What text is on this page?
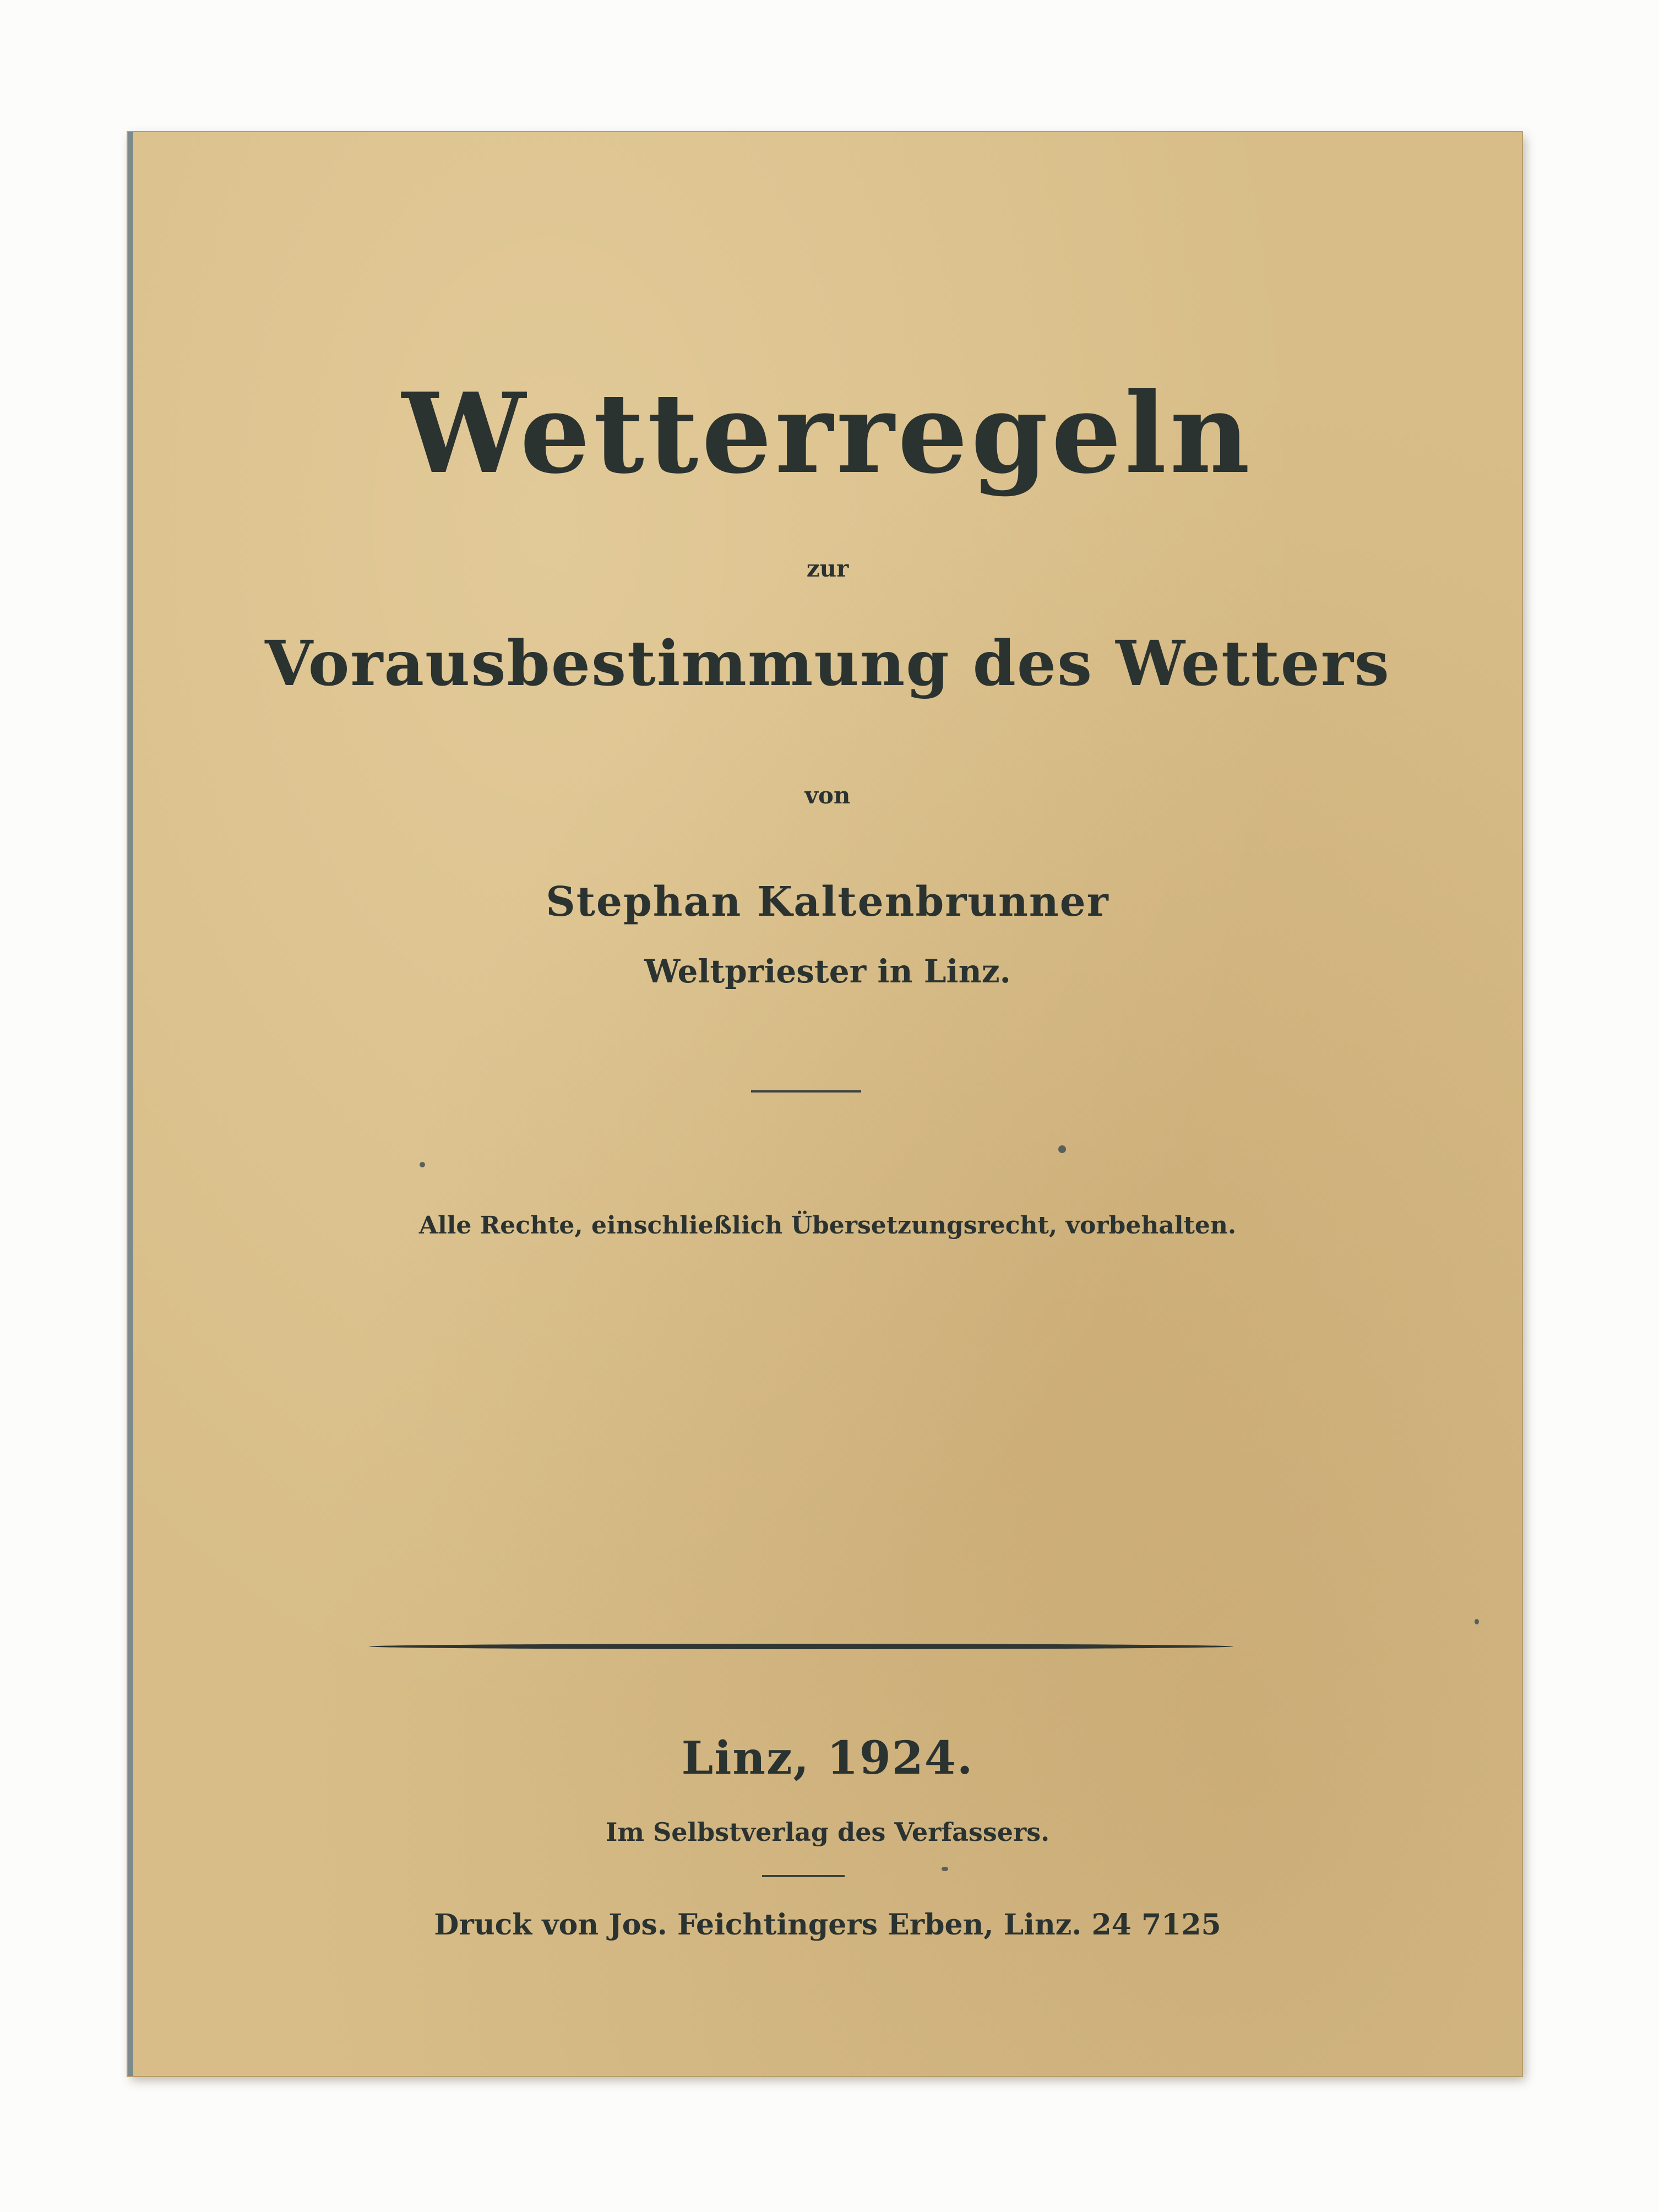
Wetterregeln
zur
Vorausbestimmung des Wetters
von
Stephan Kaltenbrunner
Weltpriester in Linz.
Alle Rechte, einschließlich Übersetzungsrecht, vorbehalten.
Linz, 1924.
Im Selbstverlag des Verfassers.
Druck von Jos. Feichtingers Erben, Linz. 24 7125
